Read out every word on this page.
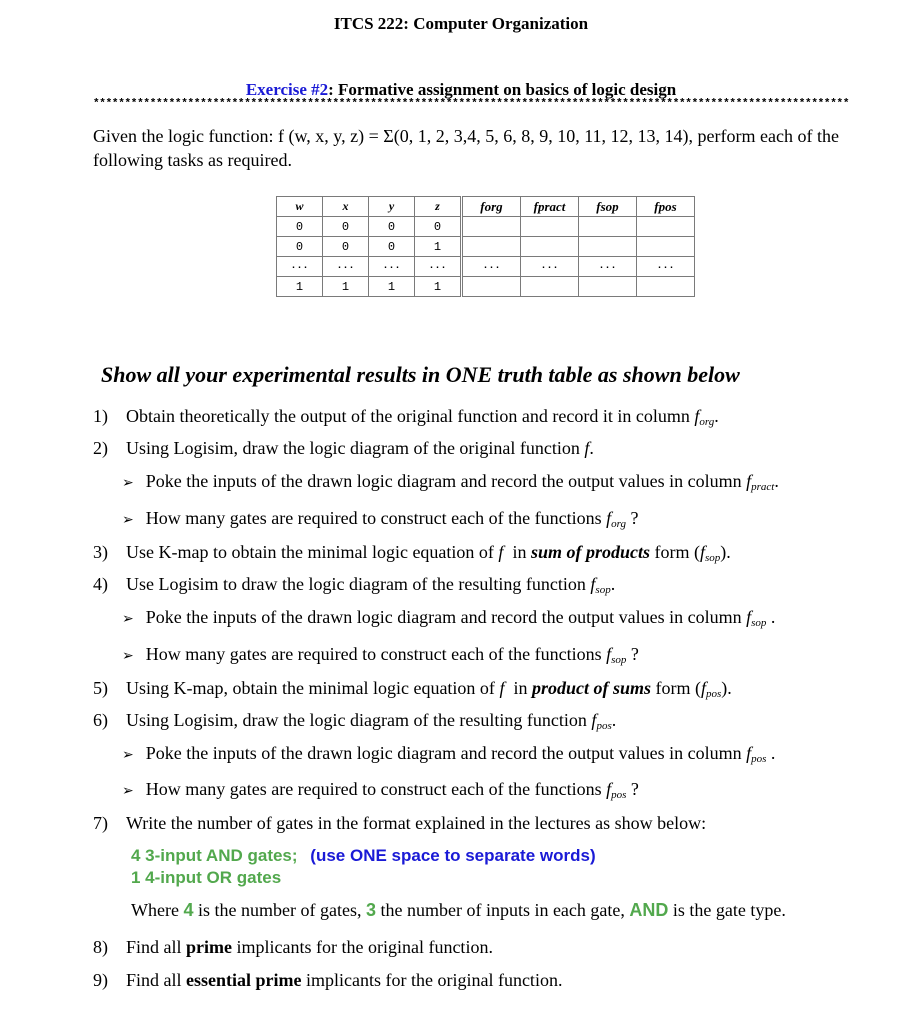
ITCS 222: Computer Organization
Exercise #2: Formative assignment on basics of logic design
************************************************************************************************************************
Given the logic function: f (w, x, y, z) = Σ(0, 1, 2, 3,4, 5, 6, 8, 9, 10, 11, 12, 13, 14), perform each of the following tasks as required.
w	x	y	z	forg	fpract	fsop	fpos
0	0	0	0				
0	0	0	1				
...	...	...	...	...	...	...	...
1	1	1	1				
Show all your experimental results in ONE truth table as shown below
1) Obtain theoretically the output of the original function and record it in column $f_{org}$.
2) Using Logisim, draw the logic diagram of the original function f.
➢ Poke the inputs of the drawn logic diagram and record the output values in column $f_{pract}$.
➢ How many gates are required to construct each of the functions $f_{org}$ ?
3) Use K-map to obtain the minimal logic equation of f  in sum of products form $(f_{sop})$.
4) Use Logisim to draw the logic diagram of the resulting function $f_{sop}$.
➢ Poke the inputs of the drawn logic diagram and record the output values in column $f_{sop}$ .
➢ How many gates are required to construct each of the functions $f_{sop}$ ?
5) Using K-map, obtain the minimal logic equation of f  in product of sums form $(f_{pos})$.
6) Using Logisim, draw the logic diagram of the resulting function $f_{pos}$.
➢ Poke the inputs of the drawn logic diagram and record the output values in column $f_{pos}$ .
➢ How many gates are required to construct each of the functions $f_{pos}$ ?
7) Write the number of gates in the format explained in the lectures as show below:
4 3-input AND gates; (use ONE space to separate words)
1 4-input OR gates
Where 4 is the number of gates, 3 the number of inputs in each gate, AND is the gate type.
8) Find all prime implicants for the original function.
9) Find all essential prime implicants for the original function.
